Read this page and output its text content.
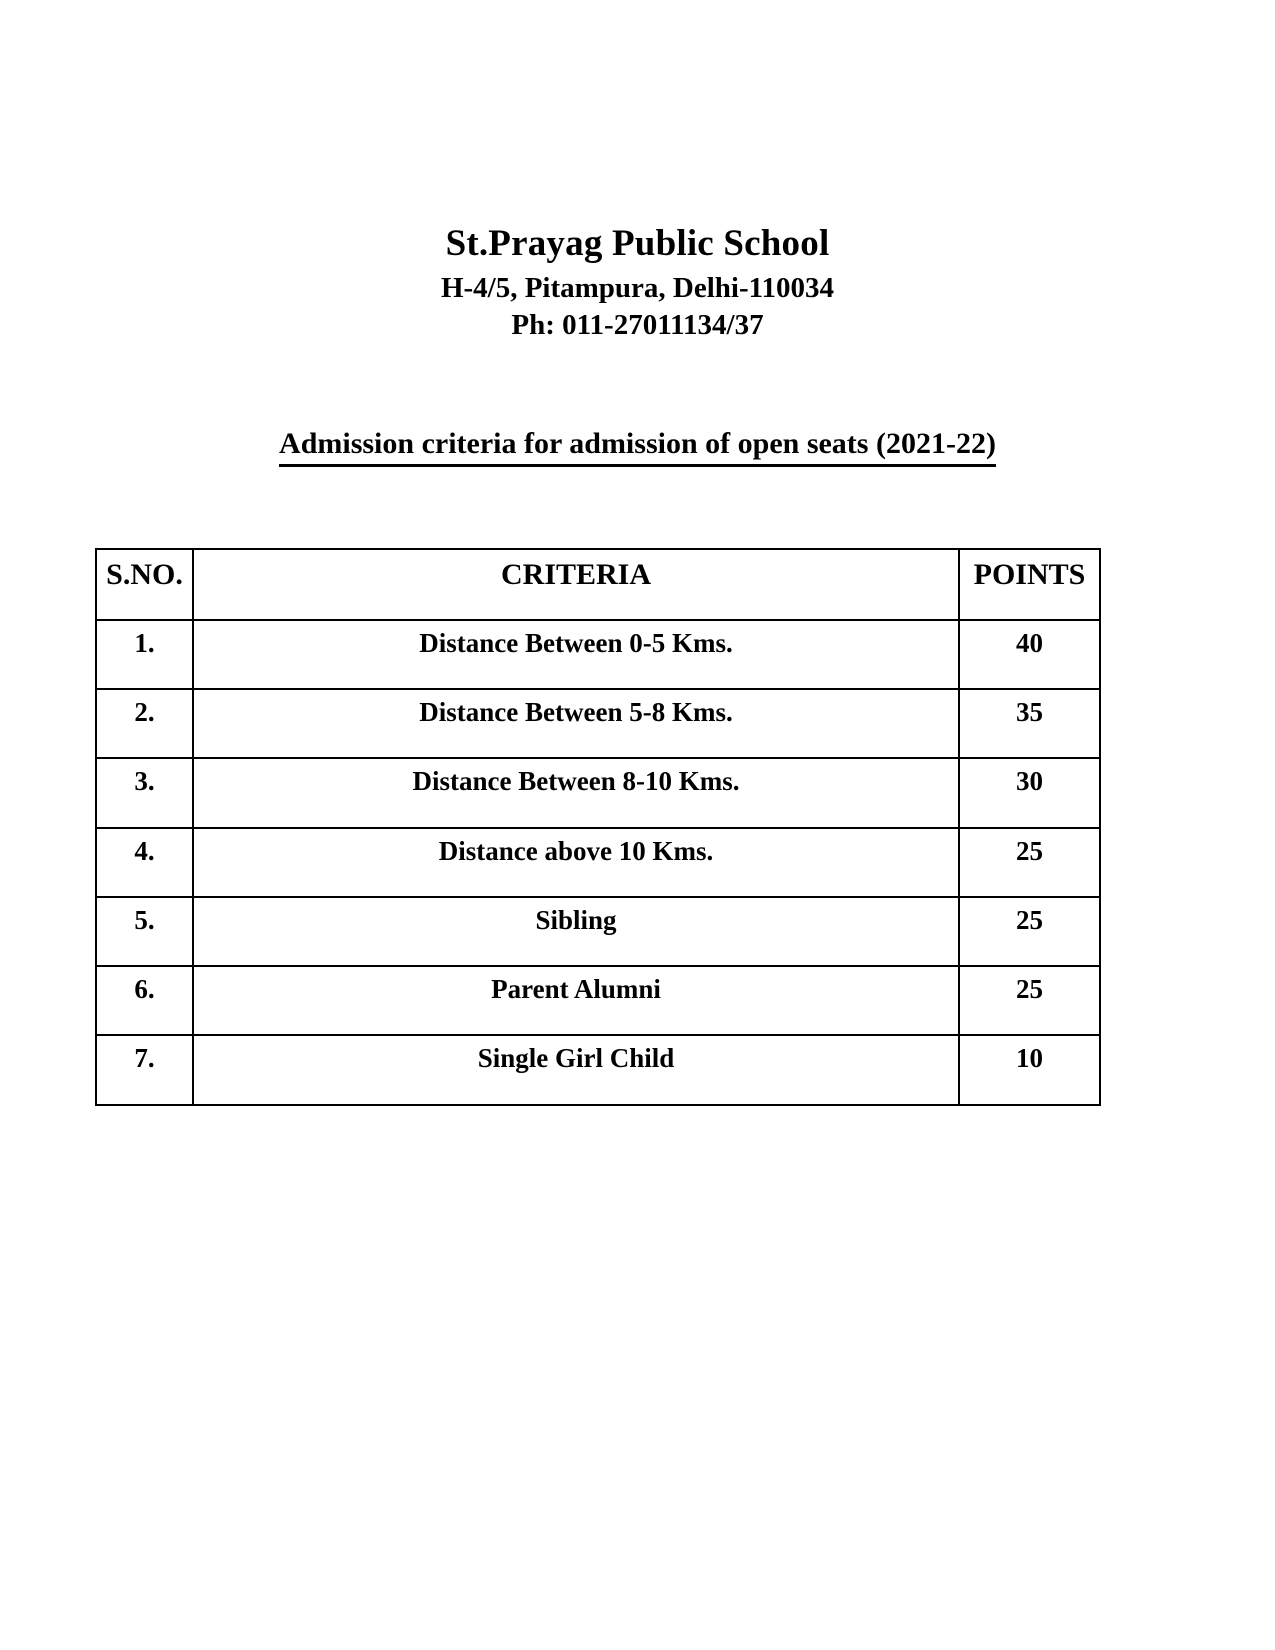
St.Prayag Public School
H-4/5, Pitampura, Delhi-110034
Ph: 011-27011134/37
Admission criteria for admission of open seats (2021-22)
S.NO.	CRITERIA	POINTS
1.	Distance Between 0-5 Kms.	40
2.	Distance Between 5-8 Kms.	35
3.	Distance Between 8-10 Kms.	30
4.	Distance above 10 Kms.	25
5.	Sibling	25
6.	Parent Alumni	25
7.	Single Girl Child	10
